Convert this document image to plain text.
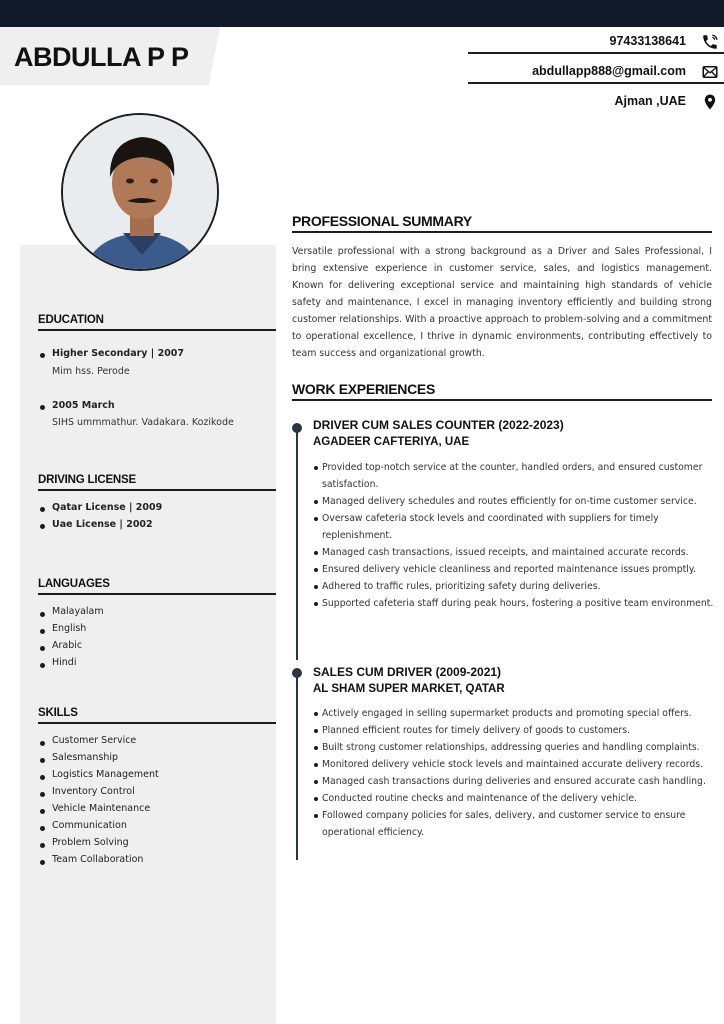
ABDULLA P P
97433138641
abdullapp888@gmail.com
Ajman ,UAE
EDUCATION
Higher Secondary | 2007
Mim hss. Perode
2005 March
SIHS ummmathur. Vadakara. Kozikode
DRIVING LICENSE
Qatar License | 2009
Uae License | 2002
LANGUAGES
Malayalam
English
Arabic
Hindi
SKILLS
Customer Service
Salesmanship
Logistics Management
Inventory Control
Vehicle Maintenance
Communication
Problem Solving
Team Collaboration
PROFESSIONAL SUMMARY

Versatile professional with a strong background as a Driver and Sales Professional, I bring extensive experience in customer service, sales, and logistics management. Known for delivering exceptional service and maintaining high standards of vehicle safety and maintenance, I excel in managing inventory efficiently and building strong customer relationships. With a proactive approach to problem-solving and a commitment to operational excellence, I thrive in dynamic environments, contributing effectively to team success and organizational growth.

WORK EXPERIENCES
DRIVER CUM SALES COUNTER (2022-2023)
AGADEER CAFTERIYA, UAE
Provided top-notch service at the counter, handled orders, and ensured customer satisfaction.
Managed delivery schedules and routes efficiently for on-time customer service.
Oversaw cafeteria stock levels and coordinated with suppliers for timely replenishment.
Managed cash transactions, issued receipts, and maintained accurate records.
Ensured delivery vehicle cleanliness and reported maintenance issues promptly.
Adhered to traffic rules, prioritizing safety during deliveries.
Supported cafeteria staff during peak hours, fostering a positive team environment.
SALES CUM DRIVER (2009-2021)
AL SHAM SUPER MARKET, QATAR
Actively engaged in selling supermarket products and promoting special offers.
Planned efficient routes for timely delivery of goods to customers.
Built strong customer relationships, addressing queries and handling complaints.
Monitored delivery vehicle stock levels and maintained accurate delivery records.
Managed cash transactions during deliveries and ensured accurate cash handling.
Conducted routine checks and maintenance of the delivery vehicle.
Followed company policies for sales, delivery, and customer service to ensure operational efficiency.
